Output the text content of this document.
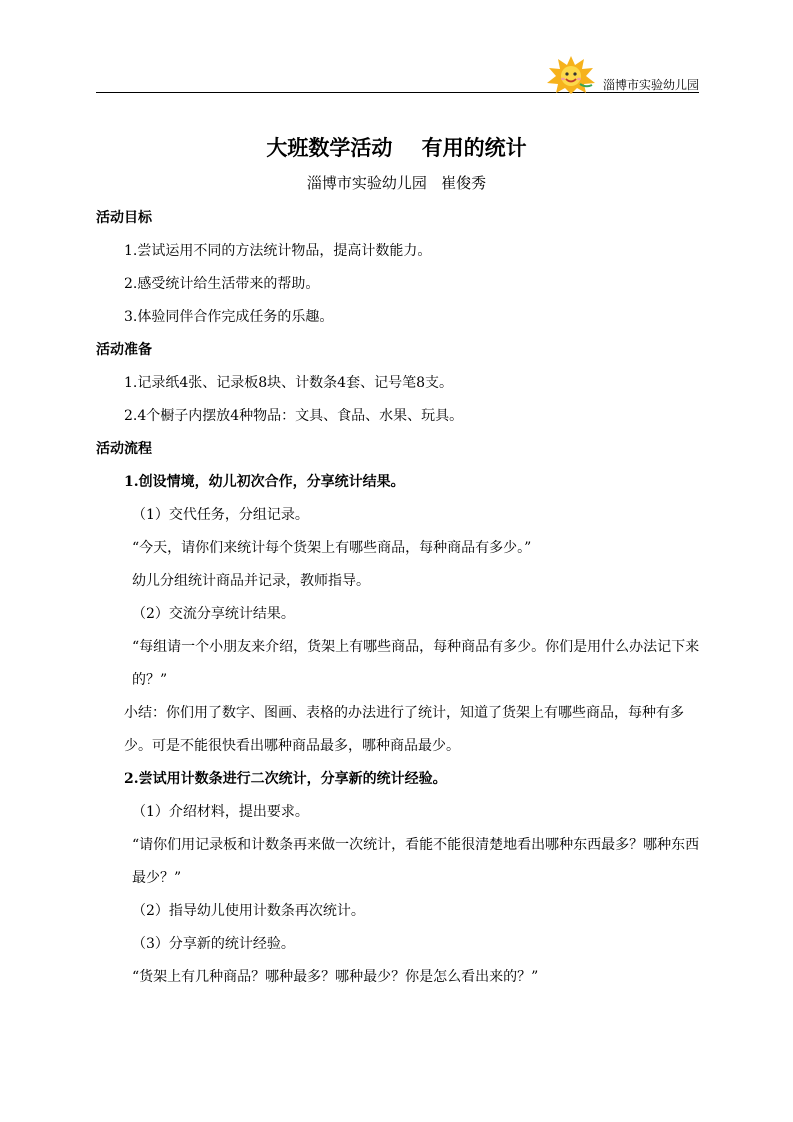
淄博市实验幼儿园
大班数学活动    有用的统计
淄博市实验幼儿园   崔俊秀

活动目标

1.尝试运用不同的方法统计物品，提高计数能力。

2.感受统计给生活带来的帮助。

3.体验同伴合作完成任务的乐趣。

活动准备

1.记录纸4张、记录板8块、计数条4套、记号笔8支。

2.4个橱子内摆放4种物品：文具、食品、水果、玩具。

活动流程

1.创设情境，幼儿初次合作，分享统计结果。

（1）交代任务，分组记录。

“今天，请你们来统计每个货架上有哪些商品，每种商品有多少。”

幼儿分组统计商品并记录，教师指导。

（2）交流分享统计结果。

“每组请一个小朋友来介绍，货架上有哪些商品，每种商品有多少。你们是用什么办法记下来的？”

小结：你们用了数字、图画、表格的办法进行了统计，知道了货架上有哪些商品，每种有多少。可是不能很快看出哪种商品最多，哪种商品最少。

2.尝试用计数条进行二次统计，分享新的统计经验。

（1）介绍材料，提出要求。

“请你们用记录板和计数条再来做一次统计，看能不能很清楚地看出哪种东西最多？哪种东西最少？”

（2）指导幼儿使用计数条再次统计。

（3）分享新的统计经验。

“货架上有几种商品？哪种最多？哪种最少？你是怎么看出来的？”
